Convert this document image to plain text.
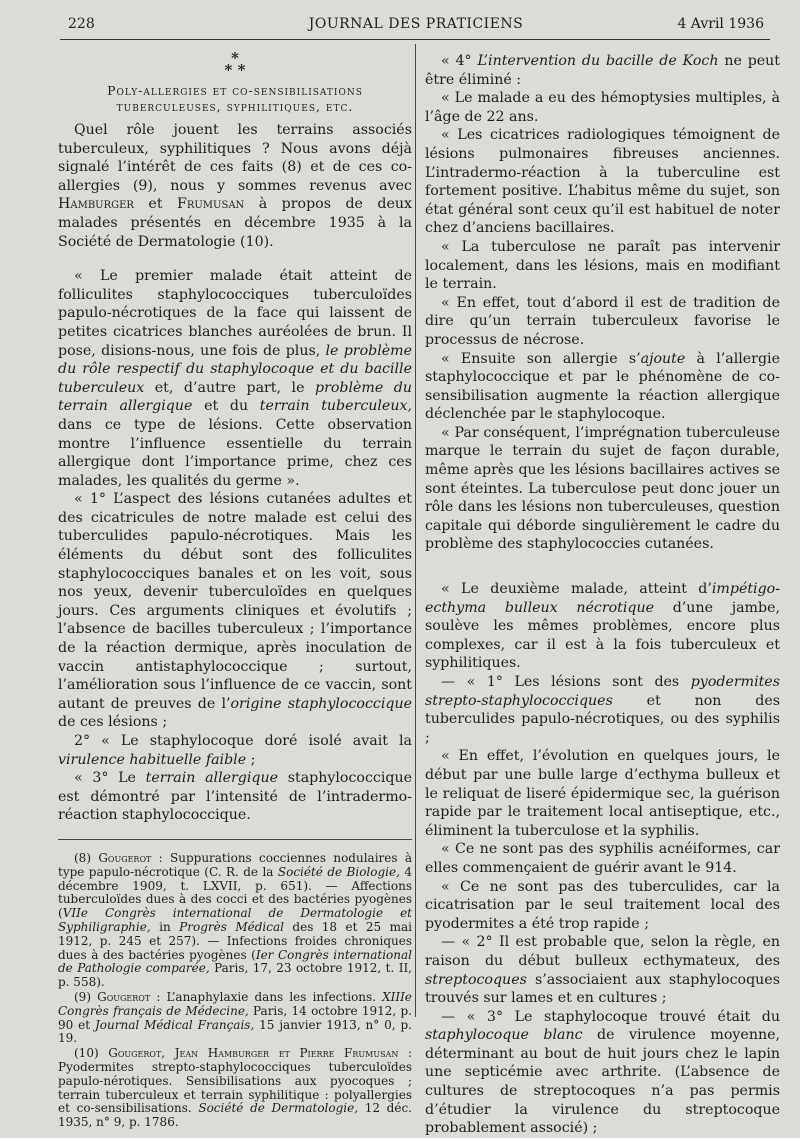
228	JOURNAL DES PRATICIENS	4 Avril 1936
*
* *
Poly-allergies et co-sensibilisations
tuberculeuses, syphilitiques, etc.

Quel rôle jouent les terrains associés tuberculeux, syphilitiques ? Nous avons déjà signalé l’intérêt de ces faits (8) et de ces co-allergies (9), nous y sommes revenus avec Hamburger et Frumusan à propos de deux malades présentés en décembre 1935 à la Société de Dermatologie (10).

« Le premier malade était atteint de folliculites staphylococciques tuberculoïdes papulo-nécrotiques de la face qui laissent de petites cicatrices blanches auréolées de brun. Il pose, disions-nous, une fois de plus, le problème du rôle respectif du staphylocoque et du bacille tuberculeux et, d’autre part, le problème du terrain allergique et du terrain tuberculeux, dans ce type de lésions. Cette observation montre l’influence essentielle du terrain allergique dont l’importance prime, chez ces malades, les qualités du germe ».

« 1° L’aspect des lésions cutanées adultes et des cicatricules de notre malade est celui des tuberculides papulo-nécrotiques. Mais les éléments du début sont des folliculites staphylococciques banales et on les voit, sous nos yeux, devenir tuberculoïdes en quelques jours. Ces arguments cliniques et évolutifs ; l’absence de bacilles tuberculeux ; l’importance de la réaction dermique, après inoculation de vaccin antistaphylococcique ; surtout, l’amélioration sous l’influence de ce vaccin, sont autant de preuves de l’origine staphylococcique de ces lésions ;

2° « Le staphylocoque doré isolé avait la virulence habituelle faible ;

« 3° Le terrain allergique staphylococcique est démontré par l’intensité de l’intradermo-réaction staphylococcique.

(8) Gougerot : Suppurations cocciennes nodulaires à type papulo-nécrotique (C. R. de la Société de Biologie, 4 décembre 1909, t. LXVII, p. 651). — Affections tuberculoïdes dues à des cocci et des bactéries pyogènes (VIIe Congrès international de Dermatologie et Syphiligraphie, in Progrès Médical des 18 et 25 mai 1912, p. 245 et 257). — Infections froides chroniques dues à des bactéries pyogènes (Ier Congrès international de Pathologie comparée, Paris, 17, 23 octobre 1912, t. II, p. 558).

(9) Gougerot : L’anaphylaxie dans les infections. XIIIe Congrès français de Médecine, Paris, 14 octobre 1912, p. 90 et Journal Médical Français, 15 janvier 1913, n° 0, p. 19.

(10) Gougerot, Jean Hamburger et Pierre Frumusan : Pyodermites strepto-staphylococciques tuberculoïdes papulo-nérotiques. Sensibilisations aux pyocoques ; terrain tuberculeux et terrain syphilitique : polyallergies et co-sensibilisations. Société de Dermatologie, 12 déc. 1935, n° 9, p. 1786.

« 4° L’intervention du bacille de Koch ne peut être éliminé :

« Le malade a eu des hémoptysies multiples, à l’âge de 22 ans.

« Les cicatrices radiologiques témoignent de lésions pulmonaires fibreuses anciennes. L’intradermo-réaction à la tuberculine est fortement positive. L’habitus même du sujet, son état général sont ceux qu’il est habituel de noter chez d’anciens bacillaires.

« La tuberculose ne paraît pas intervenir localement, dans les lésions, mais en modifiant le terrain.

« En effet, tout d’abord il est de tradition de dire qu’un terrain tuberculeux favorise le processus de nécrose.

« Ensuite son allergie s’ajoute à l’allergie staphylococcique et par le phénomène de co-sensibilisation augmente la réaction allergique déclenchée par le staphylocoque.

« Par conséquent, l’imprégnation tuberculeuse marque le terrain du sujet de façon durable, même après que les lésions bacillaires actives se sont éteintes. La tuberculose peut donc jouer un rôle dans les lésions non tuberculeuses, question capitale qui déborde singulièrement le cadre du problème des staphylococcies cutanées.

« Le deuxième malade, atteint d’impétigo-ecthyma bulleux nécrotique d’une jambe, soulève les mêmes problèmes, encore plus complexes, car il est à la fois tuberculeux et syphilitiques.

— « 1° Les lésions sont des pyodermites strepto-staphylococciques et non des tuberculides papulo-nécrotiques, ou des syphilis ;

« En effet, l’évolution en quelques jours, le début par une bulle large d’ecthyma bulleux et le reliquat de liseré épidermique sec, la guérison rapide par le traitement local antiseptique, etc., éliminent la tuberculose et la syphilis.

« Ce ne sont pas des syphilis acnéiformes, car elles commençaient de guérir avant le 914.

« Ce ne sont pas des tuberculides, car la cicatrisation par le seul traitement local des pyodermites a été trop rapide ;

— « 2° Il est probable que, selon la règle, en raison du début bulleux ecthymateux, des streptocoques s’associaient aux staphylocoques trouvés sur lames et en cultures ;

— « 3° Le staphylocoque trouvé était du staphylocoque blanc de virulence moyenne, déterminant au bout de huit jours chez le lapin une septicémie avec arthrite. (L’absence de cultures de streptocoques n’a pas permis d’étudier la virulence du streptocoque probablement associé) ;
